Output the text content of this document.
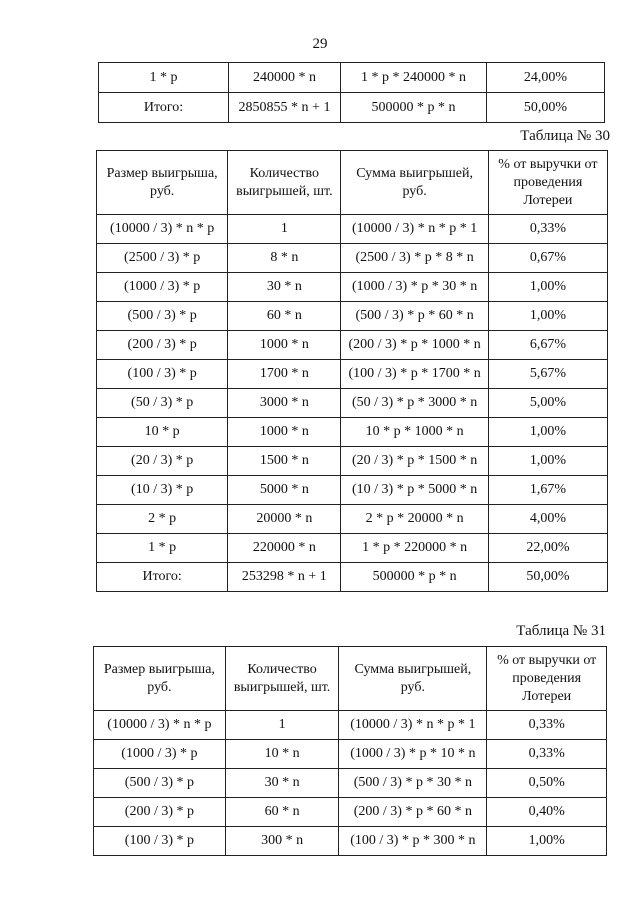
29
1 * p	240000 * n	1 * p * 240000 * n	24,00%
Итого:	2850855 * n + 1	500000 * p * n	50,00%
Таблица № 30
Размер выигрыша, руб.	Количество выигрышей, шт.	Сумма выигрышей, руб.	% от выручки от проведения Лотереи
(10000 / 3) * n * p	1	(10000 / 3) * n * p * 1	0,33%
(2500 / 3) * p	8 * n	(2500 / 3) * p * 8 * n	0,67%
(1000 / 3) * p	30 * n	(1000 / 3) * p * 30 * n	1,00%
(500 / 3) * p	60 * n	(500 / 3) * p * 60 * n	1,00%
(200 / 3) * p	1000 * n	(200 / 3) * p * 1000 * n	6,67%
(100 / 3) * p	1700 * n	(100 / 3) * p * 1700 * n	5,67%
(50 / 3) * p	3000 * n	(50 / 3) * p * 3000 * n	5,00%
10 * p	1000 * n	10 * p * 1000 * n	1,00%
(20 / 3) * p	1500 * n	(20 / 3) * p * 1500 * n	1,00%
(10 / 3) * p	5000 * n	(10 / 3) * p * 5000 * n	1,67%
2 * p	20000 * n	2 * p * 20000 * n	4,00%
1 * p	220000 * n	1 * p * 220000 * n	22,00%
Итого:	253298 * n + 1	500000 * p * n	50,00%
Таблица № 31
Размер выигрыша, руб.	Количество выигрышей, шт.	Сумма выигрышей, руб.	% от выручки от проведения Лотереи
(10000 / 3) * n * p	1	(10000 / 3) * n * p * 1	0,33%
(1000 / 3) * p	10 * n	(1000 / 3) * p * 10 * n	0,33%
(500 / 3) * p	30 * n	(500 / 3) * p * 30 * n	0,50%
(200 / 3) * p	60 * n	(200 / 3) * p * 60 * n	0,40%
(100 / 3) * p	300 * n	(100 / 3) * p * 300 * n	1,00%
